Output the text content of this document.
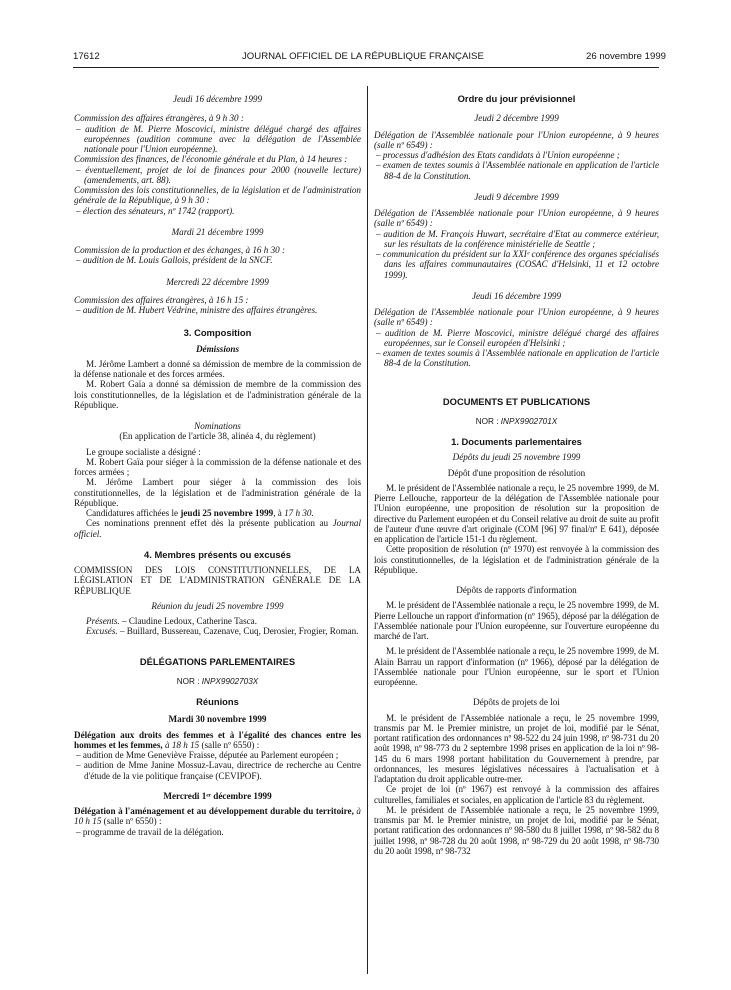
17612	JOURNAL OFFICIEL DE LA RÉPUBLIQUE FRANÇAISE	26 novembre 1999
Jeudi 16 décembre 1999
Commission des affaires étrangères, à 9 h 30 :
– audition de M. Pierre Moscovici, ministre délégué chargé des affaires européennes (audition commune avec la délégation de l'Assemblée nationale pour l'Union européenne).
Commission des finances, de l'économie générale et du Plan, à 14 heures :
– éventuellement, projet de loi de finances pour 2000 (nouvelle lecture) (amendements, art. 88).
Commission des lois constitutionnelles, de la législation et de l'administration générale de la République, à 9 h 30 :
– élection des sénateurs, nº 1742 (rapport).
Mardi 21 décembre 1999
Commission de la production et des échanges, à 16 h 30 :
– audition de M. Louis Gallois, président de la SNCF.
Mercredi 22 décembre 1999
Commission des affaires étrangères, à 16 h 15 :
– audition de M. Hubert Védrine, ministre des affaires étrangères.
3. Composition
Démissions
M. Jérôme Lambert a donné sa démission de membre de la commission de la défense nationale et des forces armées.
M. Robert Gaïa a donné sa démission de membre de la commission des lois constitutionnelles, de la législation et de l'administration générale de la République.
Nominations
(En application de l'article 38, alinéa 4, du règlement)
Le groupe socialiste a désigné :
M. Robert Gaïa pour siéger à la commission de la défense nationale et des forces armées ;
M. Jérôme Lambert pour siéger à la commission des lois constitutionnelles, de la législation et de l'administration générale de la République.
Candidatures affichées le jeudi 25 novembre 1999, à 17 h 30.
Ces nominations prennent effet dès la présente publication au Journal officiel.
4. Membres présents ou excusés
COMMISSION DES LOIS CONSTITUTIONNELLES, DE LA LÉGISLATION ET DE L'ADMINISTRATION GÉNÉRALE DE LA RÉPUBLIQUE
Réunion du jeudi 25 novembre 1999
Présents. – Claudine Ledoux, Catherine Tasca.
Excusés. – Buillard, Bussereau, Cazenave, Cuq, Derosier, Frogier, Roman.
DÉLÉGATIONS PARLEMENTAIRES
NOR : INPX9902703X
Réunions
Mardi 30 novembre 1999
Délégation aux droits des femmes et à l'égalité des chances entre les hommes et les femmes, à 18 h 15 (salle nº 6550) :
– audition de Mme Geneviève Fraisse, députée au Parlement européen ;
– audition de Mme Janine Mossuz-Lavau, directrice de recherche au Centre d'étude de la vie politique française (CEVIPOF).
Mercredi 1ᵉʳ décembre 1999
Délégation à l'aménagement et au développement durable du territoire, à 10 h 15 (salle nº 6550) :
– programme de travail de la délégation.
Ordre du jour prévisionnel
Jeudi 2 décembre 1999
Délégation de l'Assemblée nationale pour l'Union européenne, à 9 heures (salle nº 6549) :
– processus d'adhésion des Etats candidats à l'Union européenne ;
– examen de textes soumis à l'Assemblée nationale en application de l'article 88-4 de la Constitution.
Jeudi 9 décembre 1999
Délégation de l'Assemblée nationale pour l'Union européenne, à 9 heures (salle nº 6549) :
– audition de M. François Huwart, secrétaire d'Etat au commerce extérieur, sur les résultats de la conférence ministérielle de Seattle ;
– communication du président sur la XXIᵉ conférence des organes spécialisés dans les affaires communautaires (COSAC d'Helsinki, 11 et 12 octobre 1999).
Jeudi 16 décembre 1999
Délégation de l'Assemblée nationale pour l'Union européenne, à 9 heures (salle nº 6549) :
– audition de M. Pierre Moscovici, ministre délégué chargé des affaires européennes, sur le Conseil européen d'Helsinki ;
– examen de textes soumis à l'Assemblée nationale en application de l'article 88-4 de la Constitution.
DOCUMENTS ET PUBLICATIONS
NOR : INPX9902701X
1. Documents parlementaires
Dépôts du jeudi 25 novembre 1999
Dépôt d'une proposition de résolution
M. le président de l'Assemblée nationale a reçu, le 25 novembre 1999, de M. Pierre Lellouche, rapporteur de la délégation de l'Assemblée nationale pour l'Union européenne, une proposition de résolution sur la proposition de directive du Parlement européen et du Conseil relative au droit de suite au profit de l'auteur d'une œuvre d'art originale (COM [96] 97 final/nº E 641), déposée en application de l'article 151-1 du règlement.
Cette proposition de résolution (nº 1970) est renvoyée à la commission des lois constitutionnelles, de la législation et de l'administration générale de la République.
Dépôts de rapports d'information
M. le président de l'Assemblée nationale a reçu, le 25 novembre 1999, de M. Pierre Lellouche un rapport d'information (nº 1965), déposé par la délégation de l'Assemblée nationale pour l'Union européenne, sur l'ouverture européenne du marché de l'art.
M. le président de l'Assemblée nationale a reçu, le 25 novembre 1999, de M. Alain Barrau un rapport d'information (nº 1966), déposé par la délégation de l'Assemblée nationale pour l'Union européenne, sur le sport et l'Union européenne.
Dépôts de projets de loi
M. le président de l'Assemblée nationale a reçu, le 25 novembre 1999, transmis par M. le Premier ministre, un projet de loi, modifié par le Sénat, portant ratification des ordonnances nº 98-522 du 24 juin 1998, nº 98-731 du 20 août 1998, nº 98-773 du 2 septembre 1998 prises en application de la loi nº 98-145 du 6 mars 1998 portant habilitation du Gouvernement à prendre, par ordonnances, les mesures législatives nécessaires à l'actualisation et à l'adaptation du droit applicable outre-mer.
Ce projet de loi (nº 1967) est renvoyé à la commission des affaires culturelles, familiales et sociales, en application de l'article 83 du règlement.
M. le président de l'Assemblée nationale a reçu, le 25 novembre 1999, transmis par M. le Premier ministre, un projet de loi, modifié par le Sénat, portant ratification des ordonnances nº 98-580 du 8 juillet 1998, nº 98-582 du 8 juillet 1998, nº 98-728 du 20 août 1998, nº 98-729 du 20 août 1998, nº 98-730 du 20 août 1998, nº 98-732
